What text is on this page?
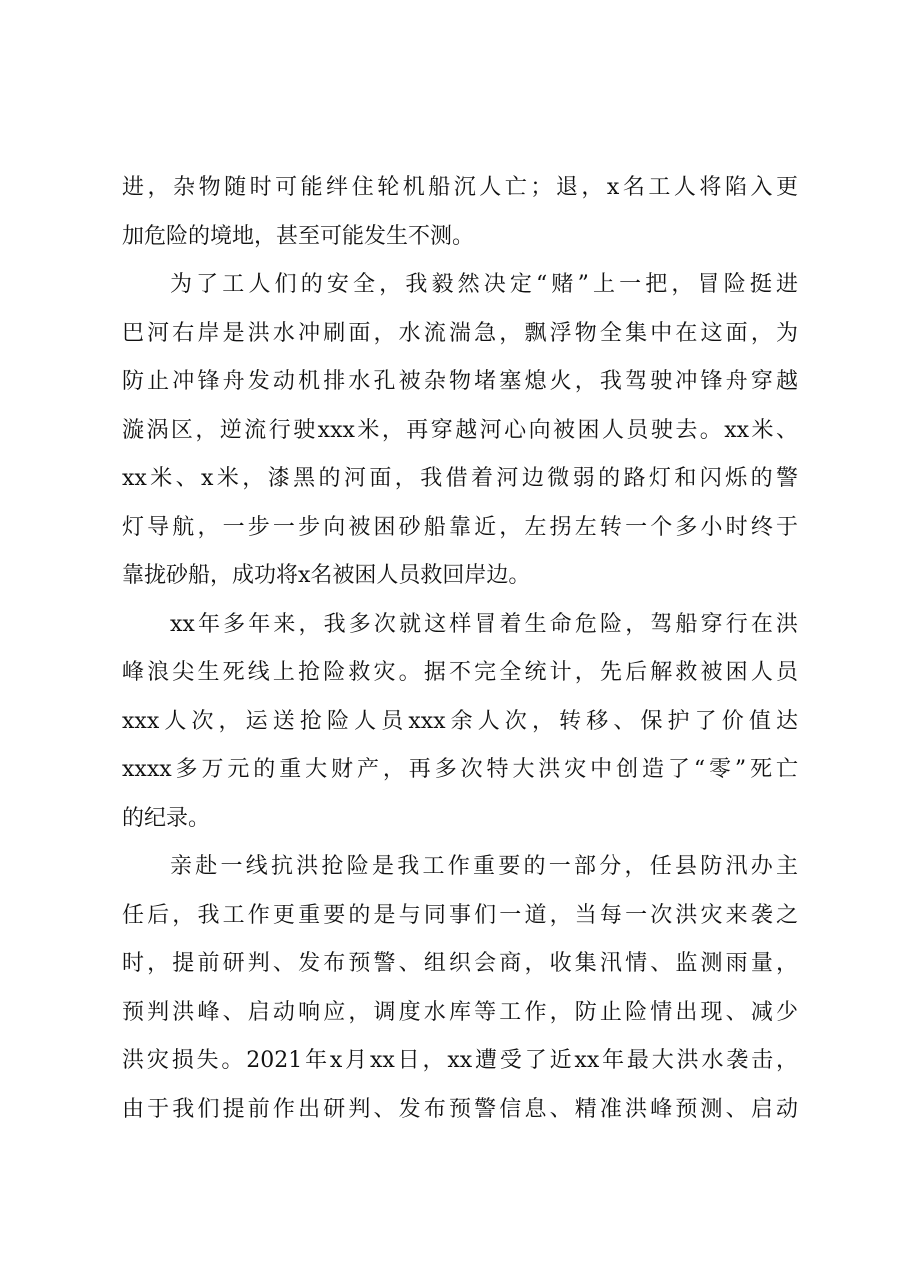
进，杂物随时可能绊住轮机船沉人亡；退，x名工人将陷入更
加危险的境地，甚至可能发生不测。
为了工人们的安全，我毅然决定“赌”上一把，冒险挺进
巴河右岸是洪水冲刷面，水流湍急，飘浮物全集中在这面，为
防止冲锋舟发动机排水孔被杂物堵塞熄火，我驾驶冲锋舟穿越
漩涡区，逆流行驶xxx米，再穿越河心向被困人员驶去。xx米、
xx米、x米，漆黑的河面，我借着河边微弱的路灯和闪烁的警
灯导航，一步一步向被困砂船靠近，左拐左转一个多小时终于
靠拢砂船，成功将x名被困人员救回岸边。
xx年多年来，我多次就这样冒着生命危险，驾船穿行在洪
峰浪尖生死线上抢险救灾。据不完全统计，先后解救被困人员
xxx人次，运送抢险人员xxx余人次，转移、保护了价值达
xxxx多万元的重大财产，再多次特大洪灾中创造了“零”死亡
的纪录。
亲赴一线抗洪抢险是我工作重要的一部分，任县防汛办主
任后，我工作更重要的是与同事们一道，当每一次洪灾来袭之
时，提前研判、发布预警、组织会商，收集汛情、监测雨量，
预判洪峰、启动响应，调度水库等工作，防止险情出现、减少
洪灾损失。2021年x月xx日，xx遭受了近xx年最大洪水袭击，
由于我们提前作出研判、发布预警信息、精准洪峰预测、启动
